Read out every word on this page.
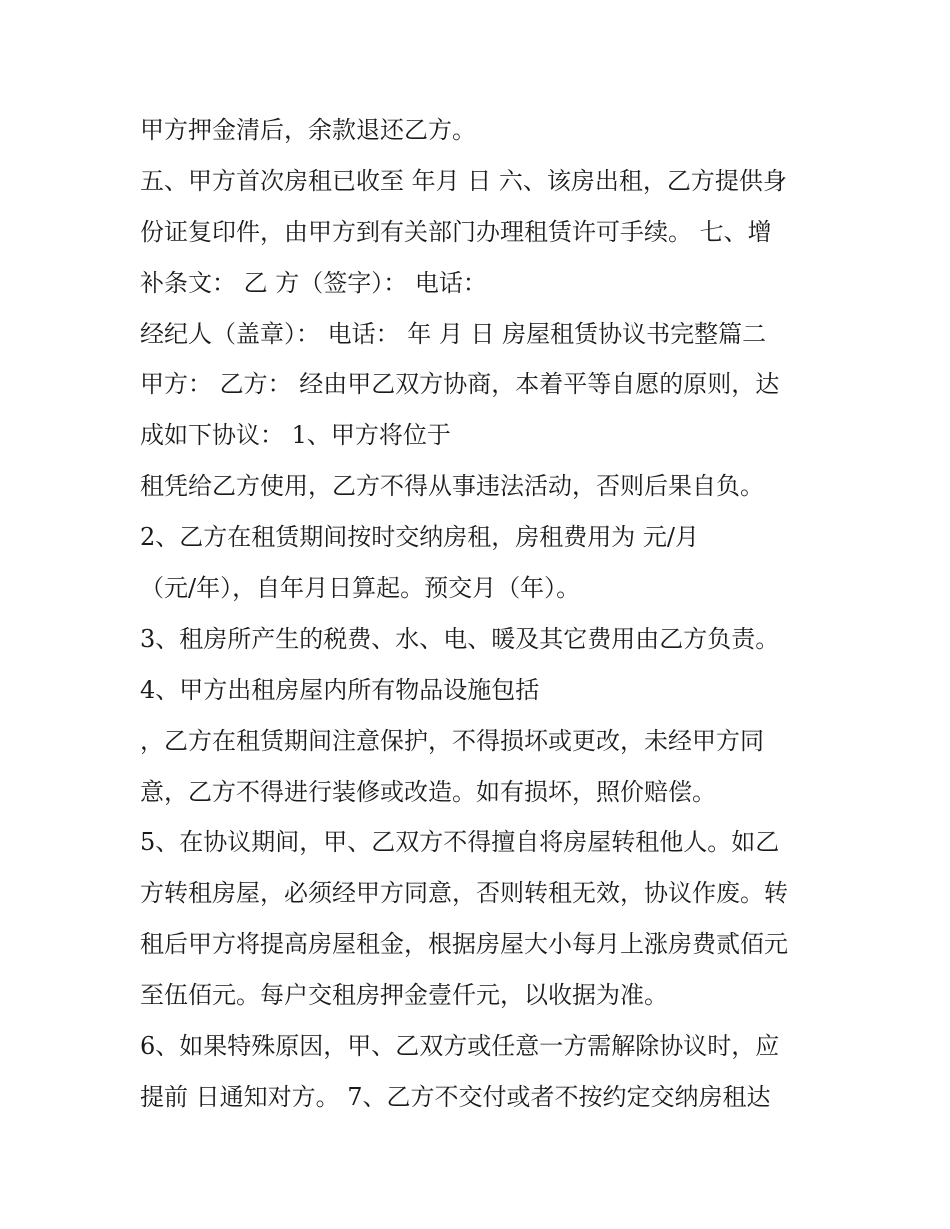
甲方押金清后，余款退还乙方。
五、甲方首次房租已收至 年月 日 六、该房出租，乙方提供身
份证复印件，由甲方到有关部门办理租赁许可手续。 七、增
补条文： 乙 方（签字）： 电话：
经纪人（盖章）： 电话： 年 月 日 房屋租赁协议书完整篇二
甲方： 乙方： 经由甲乙双方协商，本着平等自愿的原则，达
成如下协议： 1、甲方将位于
租凭给乙方使用，乙方不得从事违法活动，否则后果自负。
2、乙方在租赁期间按时交纳房租，房租费用为 元/月
（元/年），自年月日算起。预交月（年）。
3、租房所产生的税费、水、电、暖及其它费用由乙方负责。
4、甲方出租房屋内所有物品设施包括
，乙方在租赁期间注意保护，不得损坏或更改，未经甲方同
意，乙方不得进行装修或改造。如有损坏，照价赔偿。
5、在协议期间，甲、乙双方不得擅自将房屋转租他人。如乙
方转租房屋，必须经甲方同意，否则转租无效，协议作废。转
租后甲方将提高房屋租金，根据房屋大小每月上涨房费贰佰元
至伍佰元。每户交租房押金壹仟元，以收据为准。
6、如果特殊原因，甲、乙双方或任意一方需解除协议时，应
提前 日通知对方。 7、乙方不交付或者不按约定交纳房租达
